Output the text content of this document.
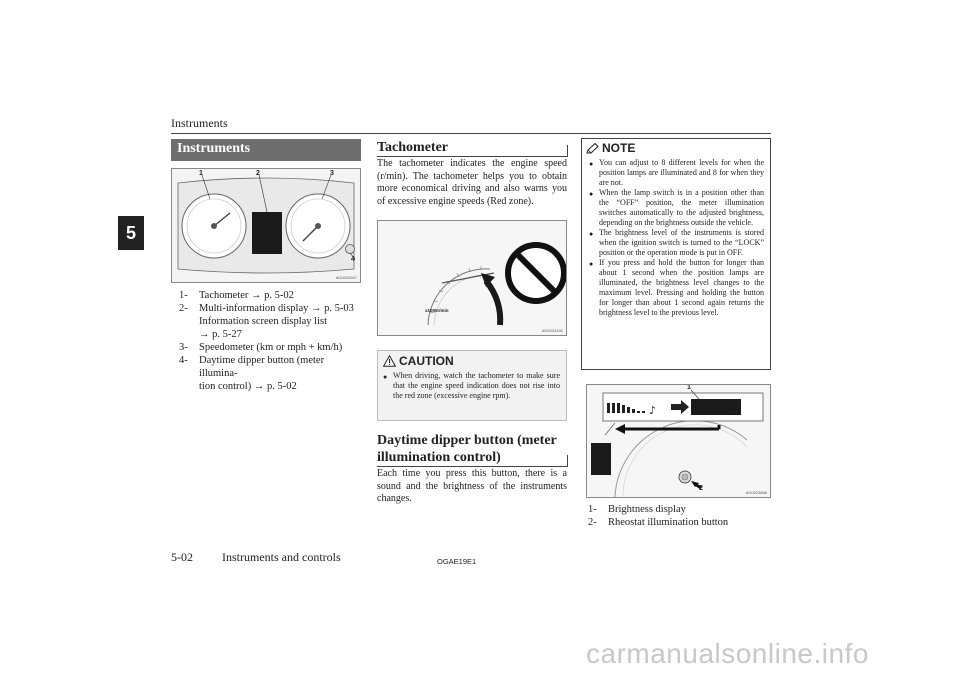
Instruments
5
Instruments
1	2	3
4
AG0020547
1-	Tachometer → p. 5-02
2-	Multi-information display → p. 5-03
Information screen display list
→ p. 5-27
3-	Speedometer (km or mph + km/h)
4-	Daytime dipper button (meter illumina-
tion control) → p. 5-02
Tachometer
The tachometer indicates the engine speed (r/min). The tachometer helps you to obtain more economical driving and also warns you of excessive engine speeds (Red zone).
x1000r/min
AG0023191
CAUTION
● When driving, watch the tachometer to make sure that the engine speed indication does not rise into the red zone (excessive engine rpm).
Daytime dipper button (meter
illumination control)
Each time you press this button, there is a sound and the brightness of the instruments changes.
NOTE
● You can adjust to 8 different levels for when the position lamps are illuminated and 8 for when they are not.
● When the lamp switch is in a position other than the “OFF” position, the meter illumination switches automatically to the adjusted brightness, depending on the brightness outside the vehicle.
● The brightness level of the instruments is stored when the ignition switch is turned to the “LOCK” position or the operation mode is put in OFF.
● If you press and hold the button for longer than about 1 second when the position lamps are illuminated, the brightness level changes to the maximum level. Pressing and holding the button for longer than about 1 second again returns the brightness level to the previous level.
♪	♪
1
2
AG0023686
1-	Brightness display
2-	Rheostat illumination button
5-02 Instruments and controls	OGAE19E1
carmanualsonline.info
